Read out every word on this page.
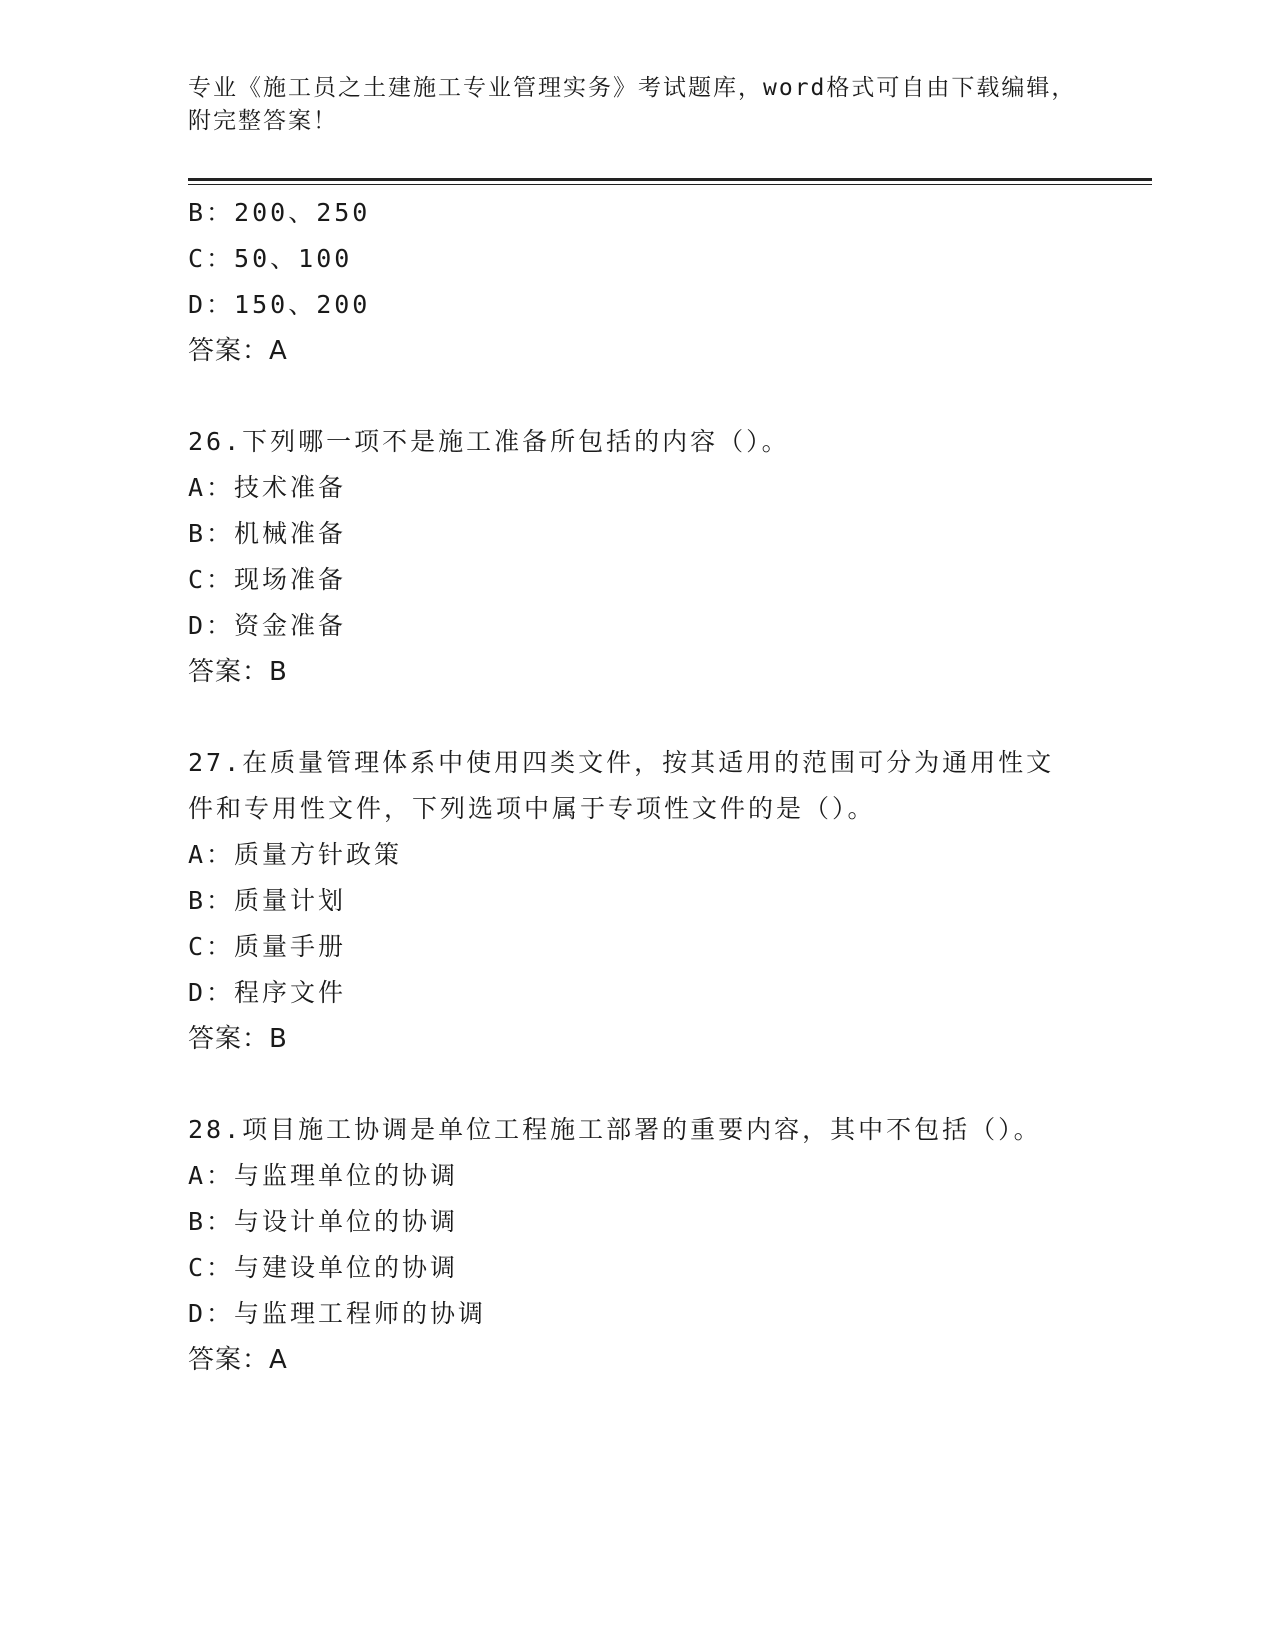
专业《施工员之土建施工专业管理实务》考试题库，word格式可自由下载编辑，
附完整答案！
B：200、250
C：50、100
D：150、200
答案：A
26.下列哪一项不是施工准备所包括的内容（）。
A：技术准备
B：机械准备
C：现场准备
D：资金准备
答案：B
27.在质量管理体系中使用四类文件，按其适用的范围可分为通用性文
件和专用性文件，下列选项中属于专项性文件的是（）。
A：质量方针政策
B：质量计划
C：质量手册
D：程序文件
答案：B
28.项目施工协调是单位工程施工部署的重要内容，其中不包括（）。
A：与监理单位的协调
B：与设计单位的协调
C：与建设单位的协调
D：与监理工程师的协调
答案：A
